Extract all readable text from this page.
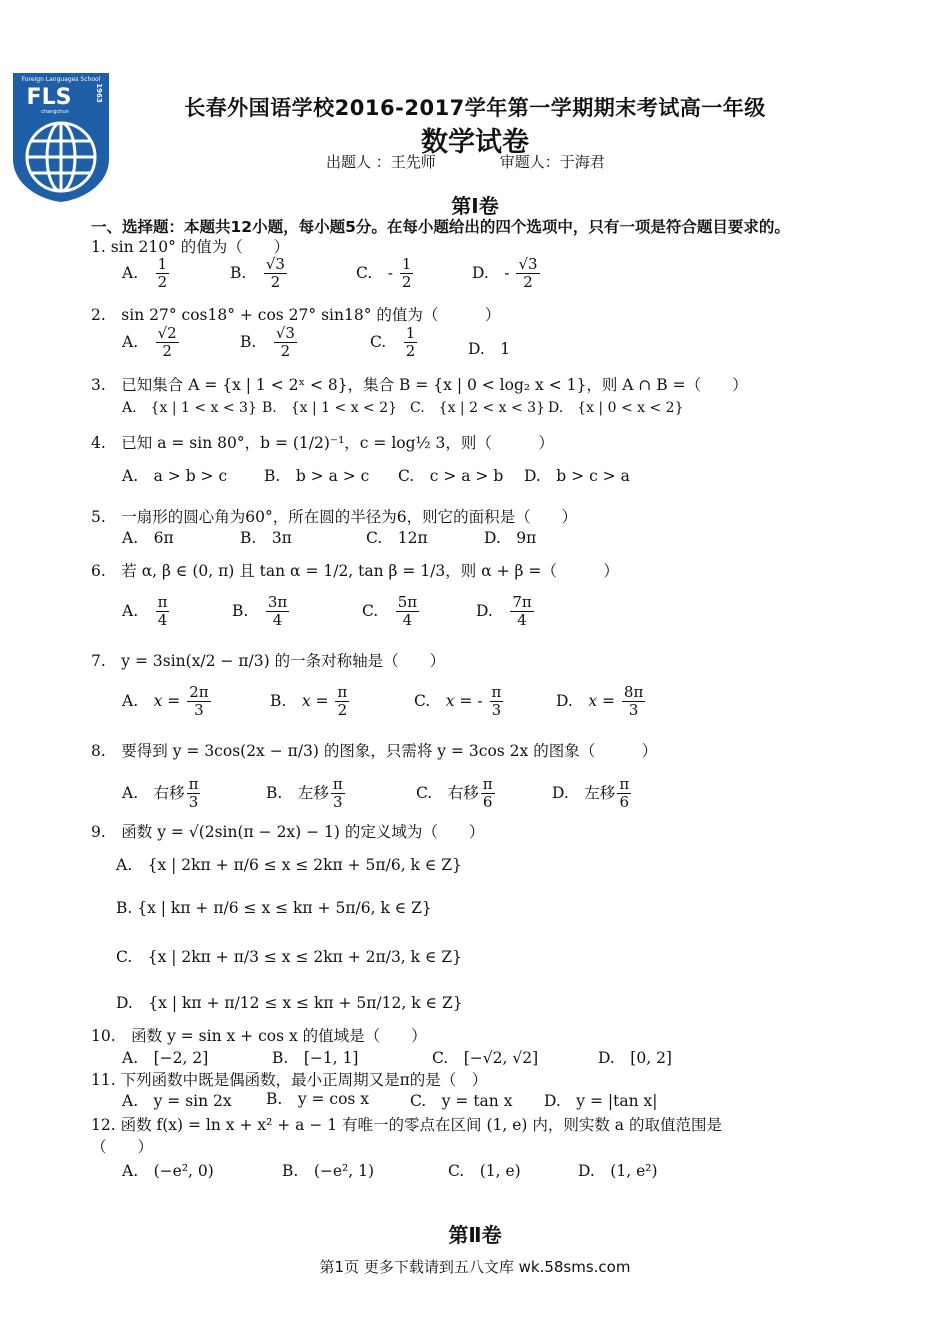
Foreign Languages School
FLS	1963
changchun	长春外国语学校2016-2017学年第一学期期末考试高一年级
数学试卷
出题人 ：王先师	审题人：于海君
第Ⅰ卷
一、选择题：本题共12小题，每小题5分。在每小题给出的四个选项中，只有一项是符合题目要求的。
1. sin 210° 的值为（　　）
A.　 $\frac{1}{2}$	B.　 $\frac{√3}{2}$	C.　- $\frac{1}{2}$	D.　- $\frac{√3}{2}$
2.　sin 27° cos18° + cos 27° sin18° 的值为（　　　）
A.　 $\frac{√2}{2}$	B.　 $\frac{√3}{2}$	C.　 $\frac{1}{2}$	D.　1
3.　已知集合 A = {x | 1 < 2ˣ < 8}，集合 B = {x | 0 < log₂ x < 1}，则 A ∩ B =（　　）
A.　{x | 1 < x < 3} B.　{x | 1 < x < 2} C.　{x | 2 < x < 3} D.　{x | 0 < x < 2}
4.　已知 a = sin 80°，b = (1/2)⁻¹，c = log½ 3，则（　　　）
A.　a > b > c B.　b > a > c C.　c > a > b D.　b > c > a
5.　一扇形的圆心角为60°，所在圆的半径为6，则它的面积是（　　）
A.　6π	B.　3π	C.　12π	D.　9π
6.　若 α, β ∈ (0, π) 且 tan α = 1/2, tan β = 1/3，则 α + β =（　　　）
A.　 $\frac{\pi}{4}$	B.　 $\frac{3\pi}{4}$	C.　 $\frac{5\pi}{4}$	D.　 $\frac{7\pi}{4}$
7.　y = 3sin(x/2 − π/3) 的一条对称轴是（　　）
A.　$x = \frac{2\pi}{3}$	B.　$x = \frac{\pi}{2}$	C.　x = - $\frac{\pi}{3}$	D.　$x = \frac{8\pi}{3}$
8.　要得到 y = 3cos(2x − π/3) 的图象，只需将 y = 3cos 2x 的图象（　　　）
A.　右移 $\frac{\pi}{3}$	B.　左移 $\frac{\pi}{3}$	C.　右移 $\frac{\pi}{6}$	D.　左移 $\frac{\pi}{6}$
9.　函数 y = √(2sin(π − 2x) − 1) 的定义域为（　　）
A.　{x | 2kπ + π/6 ≤ x ≤ 2kπ + 5π/6, k ∈ Z}
B. {x | kπ + π/6 ≤ x ≤ kπ + 5π/6, k ∈ Z}
C.　{x | 2kπ + π/3 ≤ x ≤ 2kπ + 2π/3, k ∈ Z}
D.　{x | kπ + π/12 ≤ x ≤ kπ + 5π/12, k ∈ Z}
10.　函数 y = sin x + cos x 的值域是（　　）
A.　[−2, 2]	B.　[−1, 1]	C.　[−√2, √2]	D.　[0, 2]
11. 下列函数中既是偶函数，最小正周期又是π的是（　）
A.　y = sin 2x B.　y = cos x	C.　y = tan x D.　y = |tan x|
12. 函数 f(x) = ln x + x² + a − 1 有唯一的零点在区间 (1, e) 内，则实数 a 的取值范围是
（　　）
A.　(−e², 0)	B.　(−e², 1)	C.　(1, e)	D.　(1, e²)
第Ⅱ卷
第1页 更多下载请到五八文库 wk.58sms.com
